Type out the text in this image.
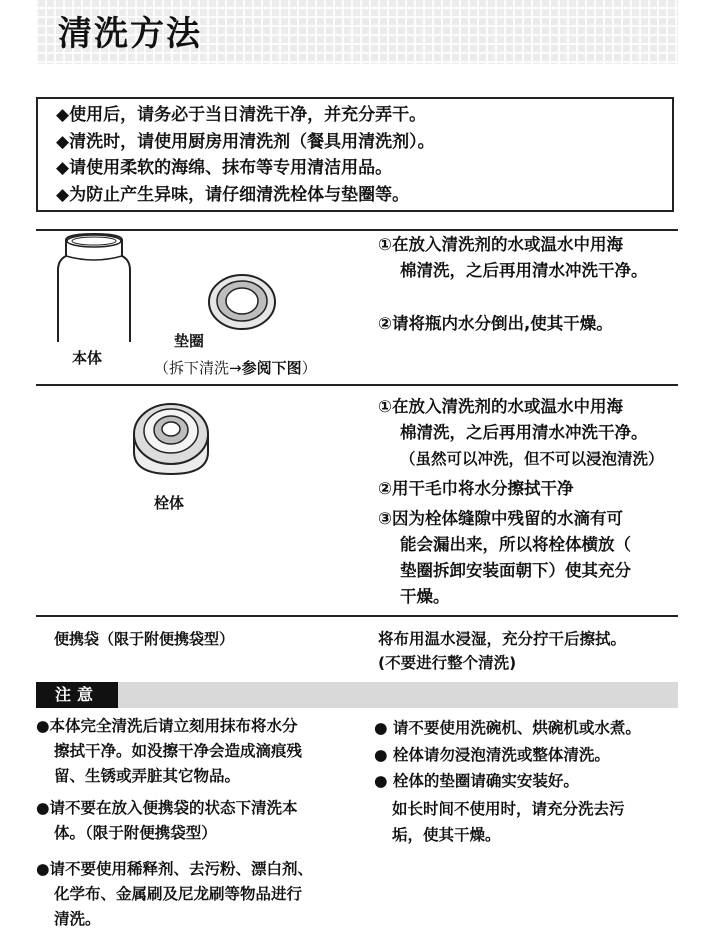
清洗方法
◆使用后，请务必于当日清洗干净，并充分弄干。
◆清洗时，请使用厨房用清洗剂（餐具用清洗剂）。
◆请使用柔软的海绵、抹布等专用清洁用品。
◆为防止产生异味，请仔细清洗栓体与垫圈等。
本体
垫圈
（拆下清洗→参阅下图）
①在放入清洗剂的水或温水中用海
棉清洗，之后再用清水冲洗干净。
②请将瓶内水分倒出,使其干燥。
栓体
①在放入清洗剂的水或温水中用海
棉清洗，之后再用清水冲洗干净。
（虽然可以冲洗，但不可以浸泡清洗）
②用干毛巾将水分擦拭干净
③因为栓体缝隙中残留的水滴有可
能会漏出来，所以将栓体横放（
垫圈拆卸安装面朝下）使其充分
干燥。
便携袋（限于附便携袋型）	将布用温水浸湿，充分拧干后擦拭。
(不要进行整个清洗)
注意
●本体完全清洗后请立刻用抹布将水分
擦拭干净。如没擦干净会造成滴痕残
留、生锈或弄脏其它物品。
●请不要在放入便携袋的状态下清洗本
体。（限于附便携袋型）
●请不要使用稀释剂、去污粉、漂白剂、
化学布、金属刷及尼龙刷等物品进行
清洗。
● 请不要使用洗碗机、烘碗机或水煮。
● 栓体请勿浸泡清洗或整体清洗。
● 栓体的垫圈请确实安装好。
如长时间不使用时，请充分洗去污
垢，使其干燥。
